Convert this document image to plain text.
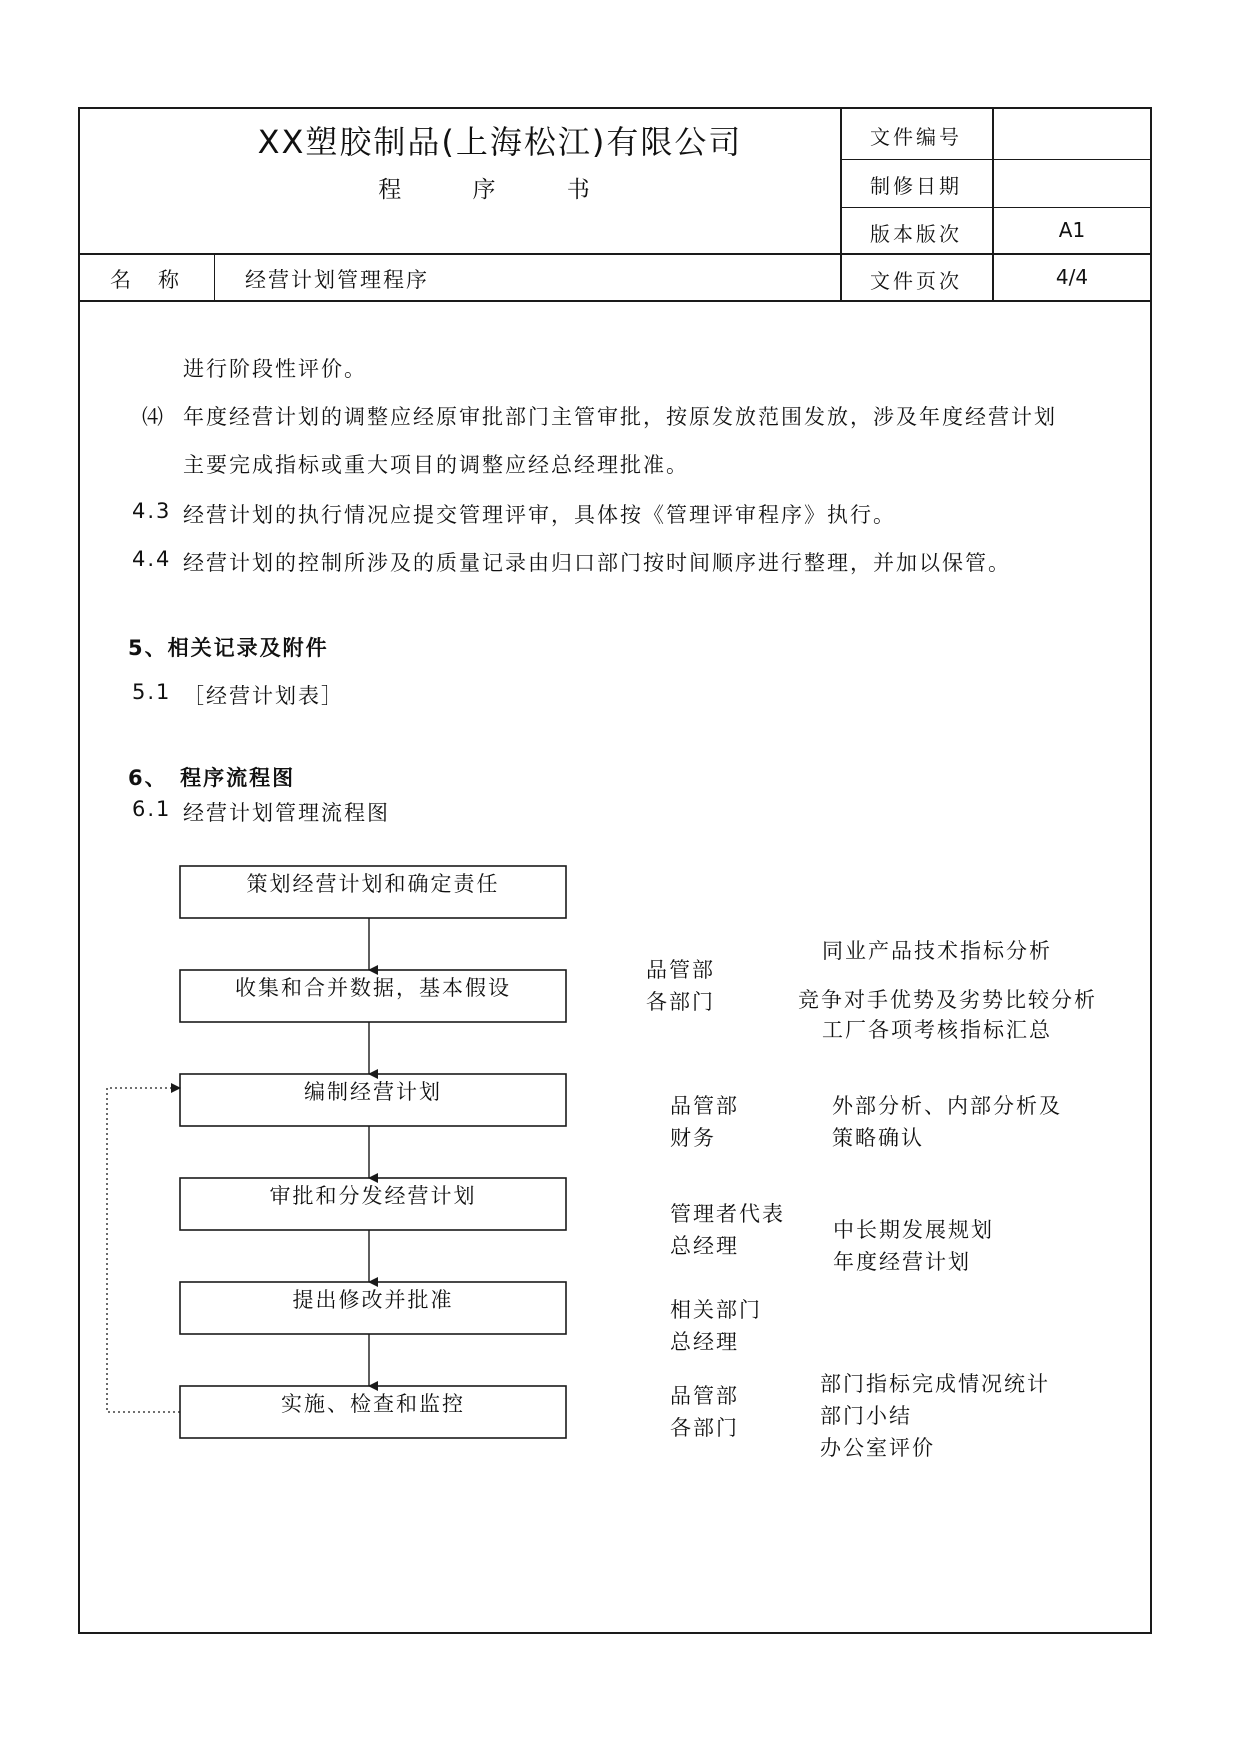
XX塑胶制品(上海松江)有限公司
程 序 书
文件编号
制修日期
版本版次	A1
文件页次	4/4
名　称	经营计划管理程序
进行阶段性评价。
⑷ 年度经营计划的调整应经原审批部门主管审批，按原发放范围发放，涉及年度经营计划
主要完成指标或重大项目的调整应经总经理批准。
4.3 经营计划的执行情况应提交管理评审，具体按《管理评审程序》执行。
4.4 经营计划的控制所涉及的质量记录由归口部门按时间顺序进行整理，并加以保管。
5、相关记录及附件
5.1 ［经营计划表］
6、　程序流程图
6.1 经营计划管理流程图
策划经营计划和确定责任
收集和合并数据，基本假设
编制经营计划
审批和分发经营计划
提出修改并批准
实施、检查和监控
品管部
各部门
品管部
财务
管理者代表
总经理
相关部门
总经理
品管部
各部门
同业产品技术指标分析
竞争对手优势及劣势比较分析
工厂各项考核指标汇总
外部分析、内部分析及
策略确认
中长期发展规划
年度经营计划
部门指标完成情况统计
部门小结
办公室评价
